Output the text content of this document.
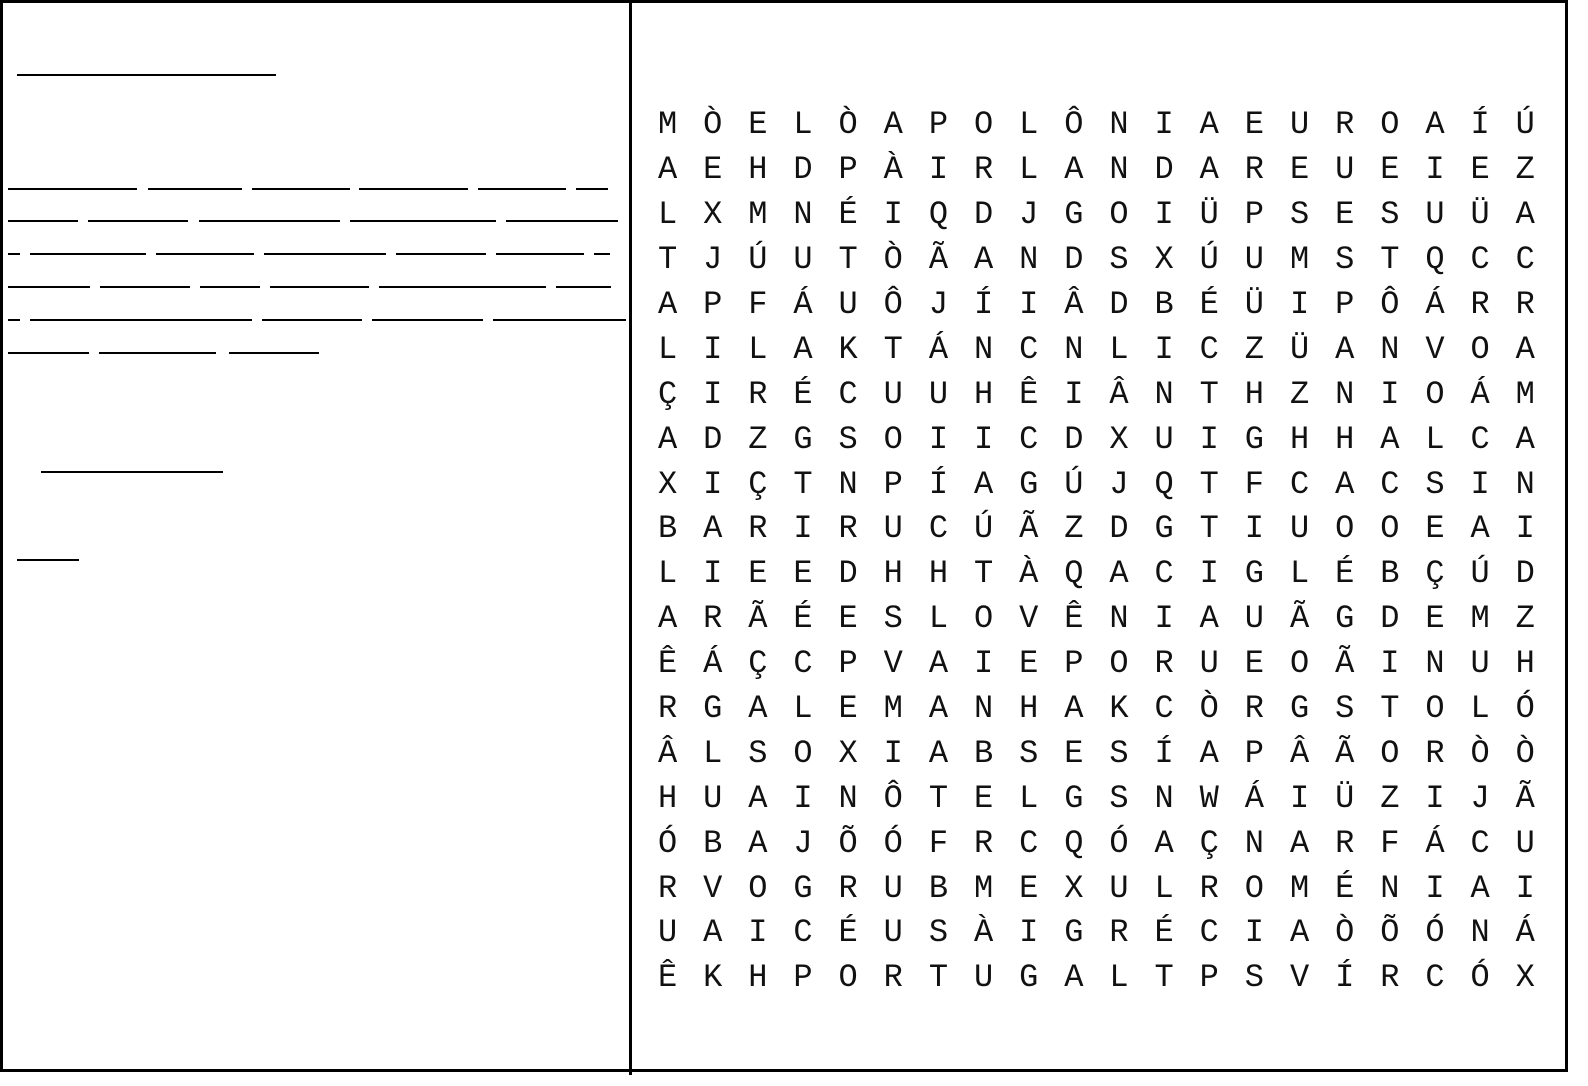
M Ò E L Ò A P O L Ô N I A E U R O A Í Ú
A E H D P À I R L A N D A R E U E I E Z
L X M N É I Q D J G O I Ü P S E S U Ü A
T J Ú U T Ò Ã A N D S X Ú U M S T Q C C
A P F Á U Ô J Í I Â D B É Ü I P Ô Á R R
L I L A K T Á N C N L I C Z Ü A N V O A
Ç I R É C U U H Ê I Â N T H Z N I O Á M
A D Z G S O I I C D X U I G H H A L C A
X I Ç T N P Í A G Ú J Q T F C A C S I N
B A R I R U C Ú Ã Z D G T I U O O E A I
L I E E D H H T À Q A C I G L É B Ç Ú D
A R Ã É E S L O V Ê N I A U Ã G D E M Z
Ê Á Ç C P V A I E P O R U E O Ã I N U H
R G A L E M A N H A K C Ò R G S T O L Ó
Â L S O X I A B S E S Í A P Â Ã O R Ò Ò
H U A I N Ô T E L G S N W Á I Ü Z I J Ã
Ó B A J Õ Ó F R C Q Ó A Ç N A R F Á C U
R V O G R U B M E X U L R O M É N I A I
U A I C É U S À I G R É C I A Ò Õ Ó N Á
Ê K H P O R T U G A L T P S V Í R C Ó X
